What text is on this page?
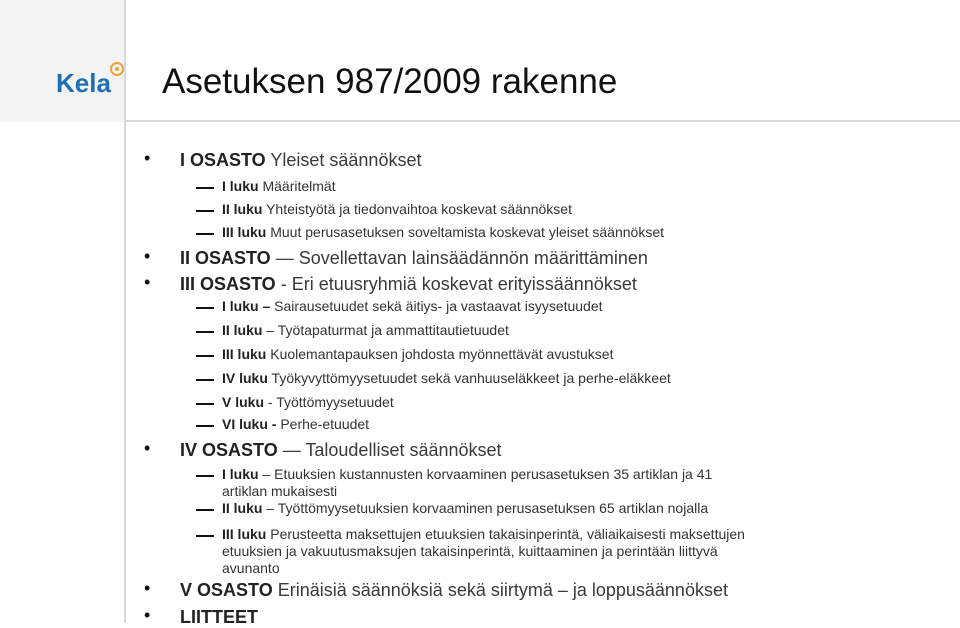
Kela Asetuksen 987/2009 rakenne
• I OSASTO Yleiset säännökset
I luku Määritelmät
II luku Yhteistyötä ja tiedonvaihtoa koskevat säännökset
III luku Muut perusasetuksen soveltamista koskevat yleiset säännökset
• II OSASTO — Sovellettavan lainsäädännön määrittäminen
• III OSASTO - Eri etuusryhmiä koskevat erityissäännökset
I luku – Sairausetuudet sekä äitiys- ja vastaavat isyysetuudet
II luku – Työtapaturmat ja ammattitautietuudet
III luku Kuolemantapauksen johdosta myönnettävät avustukset
IV luku Työkyvyttömyysetuudet sekä vanhuuseläkkeet ja perhe-eläkkeet
V luku - Työttömyysetuudet
VI luku - Perhe-etuudet
• IV OSASTO — Taloudelliset säännökset
I luku – Etuuksien kustannusten korvaaminen perusasetuksen 35 artiklan ja 41
artiklan mukaisesti
II luku – Työttömyysetuuksien korvaaminen perusasetuksen 65 artiklan nojalla
III luku Perusteetta maksettujen etuuksien takaisinperintä, väliaikaisesti maksettujen
etuuksien ja vakuutusmaksujen takaisinperintä, kuittaaminen ja perintään liittyvä
avunanto
• V OSASTO Erinäisiä säännöksiä sekä siirtymä – ja loppusäännökset
• LIITTEET
